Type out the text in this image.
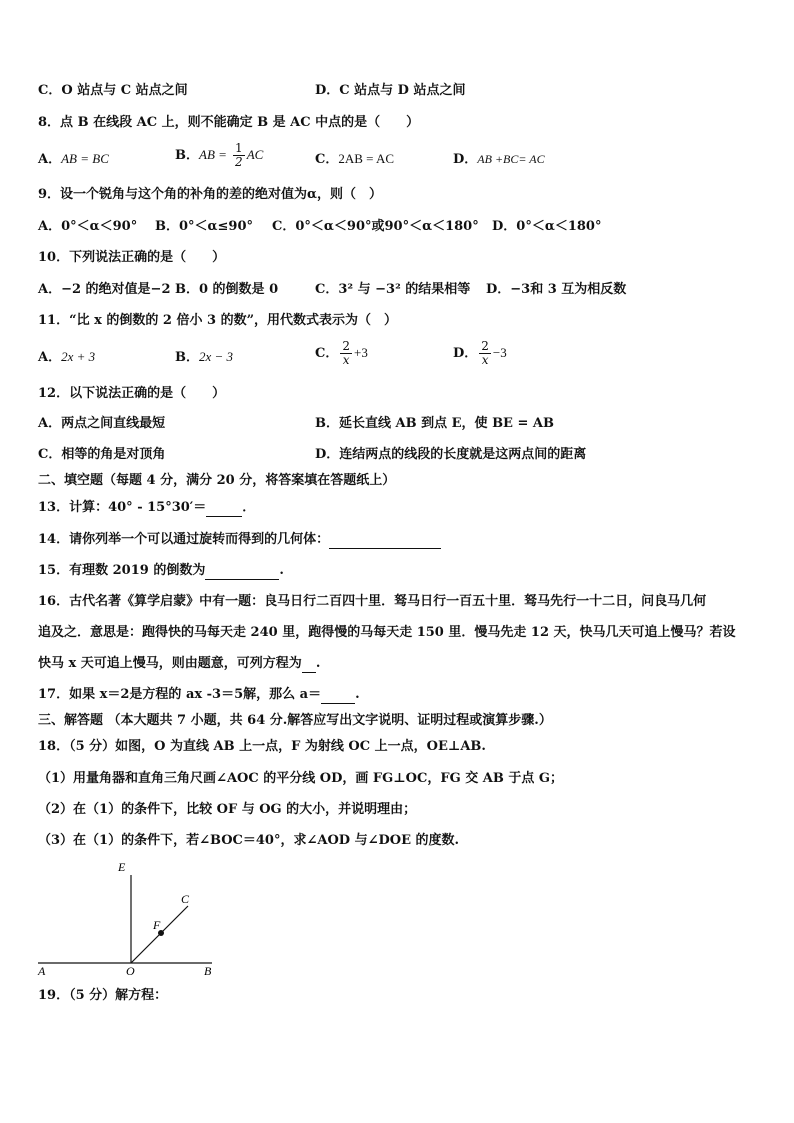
C．O 站点与 C 站点之间	D．C 站点与 D 站点之间
8．点 B 在线段 AC 上，则不能确定 B 是 AC 中点的是（　　）
A．AB = BC	B．AB = $\frac{1}{2}$ AC	C．2AB = AC	D．AB +BC= AC
9．设一个锐角与这个角的补角的差的绝对值为α，则（　）
A．0°＜α＜90° B．0°＜α≤90° C．0°＜α＜90°或90°＜α＜180° D．0°＜α＜180°
10．下列说法正确的是（　　）
A．−2 的绝对值是−2 B．0 的倒数是 0	C．3² 与 −3² 的结果相等 D．−3和 3 互为相反数
11．“比 x 的倒数的 2 倍小 3 的数”，用代数式表示为（　）
A．2x + 3	B．2x − 3	C． $\frac{2}{x} +3$	D． $\frac{2}{x} -3$
12．以下说法正确的是（　　）
A．两点之间直线最短	B．延长直线 AB 到点 E，使 BE = AB
C．相等的角是对顶角	D．连结两点的线段的长度就是这两点间的距离
二、填空题（每题 4 分，满分 20 分，将答案填在答题纸上）
13．计算：40° - 15°30′＝	．
14．请你列举一个可以通过旋转而得到的几何体：
15．有理数 2019 的倒数为	.
16．古代名著《算学启蒙》中有一题：良马日行二百四十里．驽马日行一百五十里．驽马先行一十二日，问良马几何
追及之．意思是：跑得快的马每天走 240 里，跑得慢的马每天走 150 里．慢马先走 12 天，快马几天可追上慢马？若设
快马 x 天可追上慢马，则由题意，可列方程为 .
17．如果 x＝2是方程的 ax -3＝5解，那么 a＝	.
三、解答题 （本大题共 7 小题，共 64 分.解答应写出文字说明、证明过程或演算步骤.）
18．（5 分）如图，O 为直线 AB 上一点，F 为射线 OC 上一点，OE⊥AB.
（1）用量角器和直角三角尺画∠AOC 的平分线 OD，画 FG⊥OC，FG 交 AB 于点 G；
（2）在（1）的条件下，比较 OF 与 OG 的大小，并说明理由；
（3）在（1）的条件下，若∠BOC＝40°，求∠AOD 与∠DOE 的度数.
E
C
F
A	O	B
19．（5 分）解方程：
